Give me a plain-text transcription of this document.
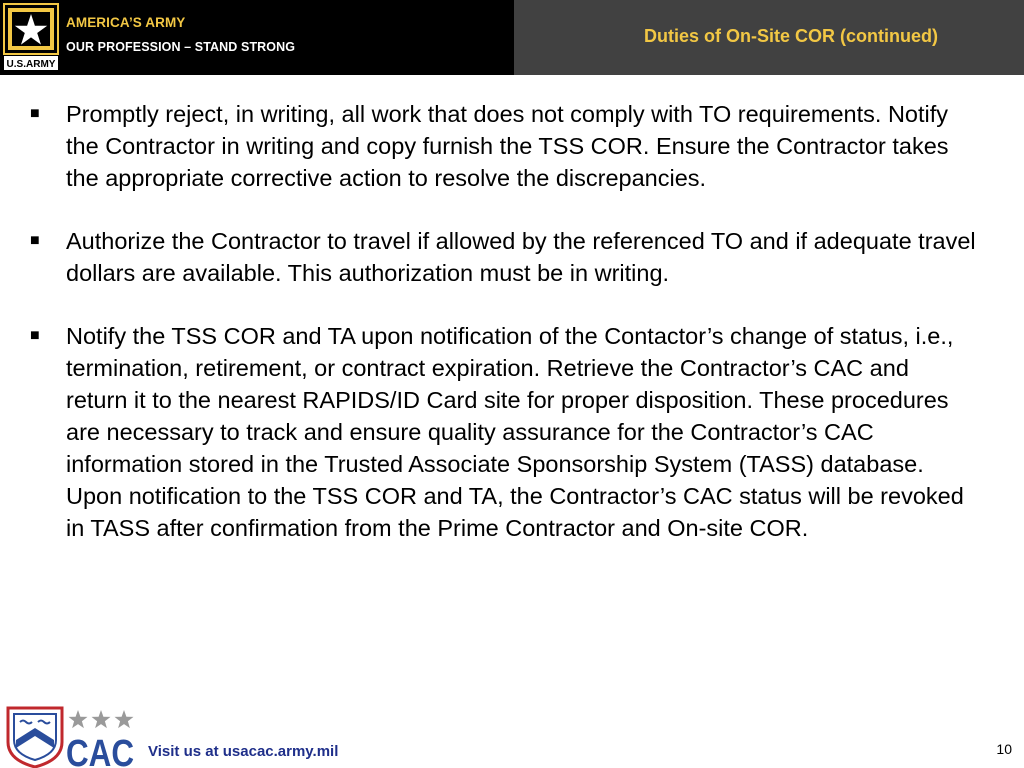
U.S.ARMY
AMERICA’S ARMY
OUR PROFESSION – STAND STRONG
Duties of On-Site COR (continued)
■ Promptly reject, in writing, all work that does not comply with TO requirements. Notify the Contractor in writing and copy furnish the TSS COR. Ensure the Contractor takes the appropriate corrective action to resolve the discrepancies.
■ Authorize the Contractor to travel if allowed by the referenced TO and if adequate travel dollars are available. This authorization must be in writing.
■ Notify the TSS COR and TA upon notification of the Contactor’s change of status, i.e., termination, retirement, or contract expiration. Retrieve the Contractor’s CAC and return it to the nearest RAPIDS/ID Card site for proper disposition. These procedures are necessary to track and ensure quality assurance for the Contractor’s CAC information stored in the Trusted Associate Sponsorship System (TASS) database. Upon notification to the TSS COR and TA, the Contractor’s CAC status will be revoked in TASS after confirmation from the Prime Contractor and On-site COR.
CAC Visit us at usacac.army.mil	10
